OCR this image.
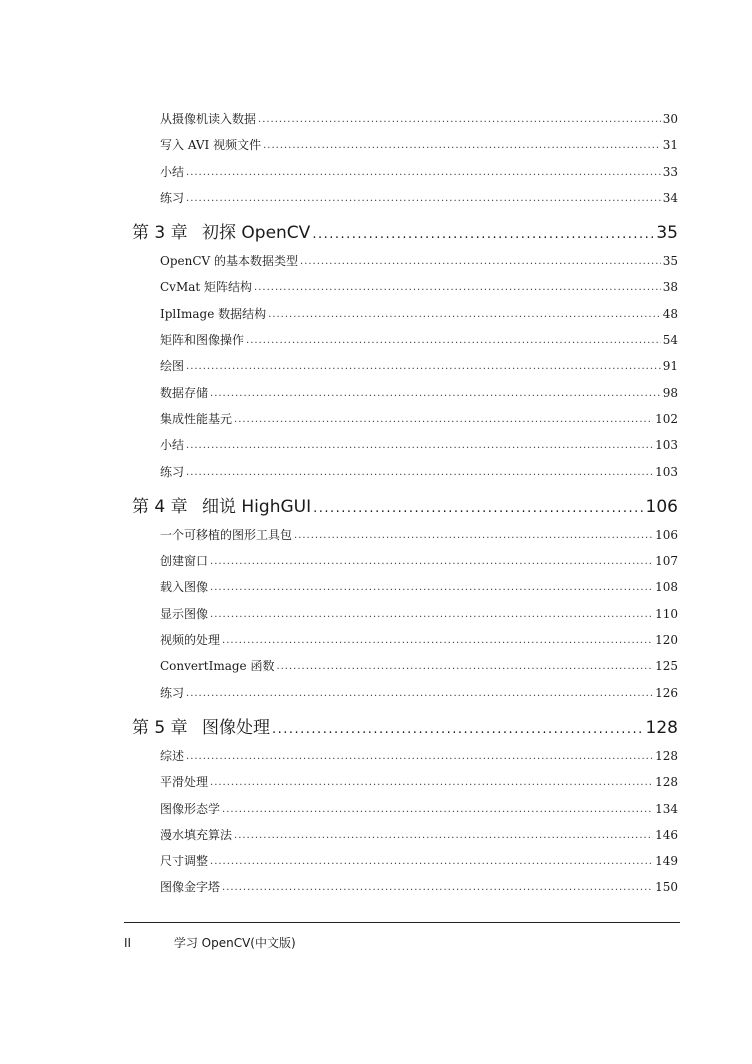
从摄像机读入数据 .....	30
写入 AVI 视频文件 .....	31
小结 .....	33
练习 .....	34
第 3 章 初探 OpenCV .....	35
OpenCV 的基本数据类型 .....	35
CvMat 矩阵结构 .....	38
IplImage 数据结构 .....	48
矩阵和图像操作 .....	54
绘图 .....	91
数据存储 .....	98
集成性能基元 .....	102
小结 .....	103
练习 .....	103
第 4 章 细说 HighGUI .....	106
一个可移植的图形工具包 .....	106
创建窗口 .....	107
载入图像 .....	108
显示图像 .....	110
视频的处理 .....	120
ConvertImage 函数 .....	125
练习 .....	126
第 5 章 图像处理 .....	128
综述 .....	128
平滑处理 .....	128
图像形态学 .....	134
漫水填充算法 .....	146
尺寸调整 .....	149
图像金字塔 .....	150
II	学习 OpenCV(中文版)
